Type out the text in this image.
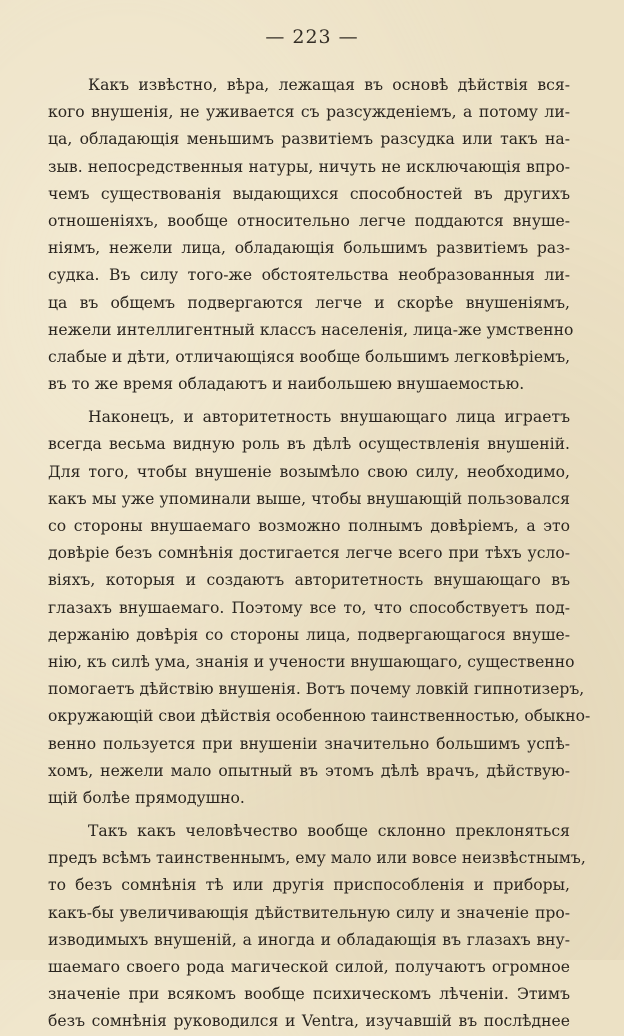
— 223 —
Какъ извѣстно, вѣра, лежащая въ основѣ дѣйствія вся-
кого внушенія, не уживается съ разсужденіемъ, а потому ли-
ца, обладающія меньшимъ развитіемъ разсудка или такъ на-
зыв. непосредственныя натуры, ничуть не исключающія впро-
чемъ существованія выдающихся способностей въ другихъ
отношеніяхъ, вообще относительно легче поддаются внуше-
ніямъ, нежели лица, обладающія большимъ развитіемъ раз-
судка. Въ силу того-же обстоятельства необразованныя ли-
ца въ общемъ подвергаются легче и скорѣе внушеніямъ,
нежели интеллигентный классъ населенія, лица-же умственно
слабые и дѣти, отличающіяся вообще большимъ легковѣріемъ,
въ то же время обладаютъ и наибольшею внушаемостью.
Наконецъ, и авторитетность внушающаго лица играетъ
всегда весьма видную роль въ дѣлѣ осуществленія внушеній.
Для того, чтобы внушеніе возымѣло свою силу, необходимо,
какъ мы уже упоминали выше, чтобы внушающій пользовался
со стороны внушаемаго возможно полнымъ довѣріемъ, а это
довѣріе безъ сомнѣнія достигается легче всего при тѣхъ усло-
віяхъ, которыя и создаютъ авторитетность внушающаго въ
глазахъ внушаемаго. Поэтому все то, что способствуетъ под-
держанію довѣрія со стороны лица, подвергающагося внуше-
нію, къ силѣ ума, знанія и учености внушающаго, существенно
помогаетъ дѣйствію внушенія. Вотъ почему ловкій гипнотизеръ,
окружающій свои дѣйствія особенною таинственностью, обыкно-
венно пользуется при внушеніи значительно большимъ успѣ-
хомъ, нежели мало опытный въ этомъ дѣлѣ врачъ, дѣйствую-
щій болѣе прямодушно.
Такъ какъ человѣчество вообще склонно преклоняться
предъ всѣмъ таинственнымъ, ему мало или вовсе неизвѣстнымъ,
то безъ сомнѣнія тѣ или другія приспособленія и приборы,
какъ-бы увеличивающія дѣйствительную силу и значеніе про-
изводимыхъ внушеній, а иногда и обладающія въ глазахъ вну-
шаемаго своего рода магической силой, получаютъ огромное
значеніе при всякомъ вообще психическомъ лѣченіи. Этимъ
безъ сомнѣнія руководился и Ventra, изучавшій въ послѣднее
